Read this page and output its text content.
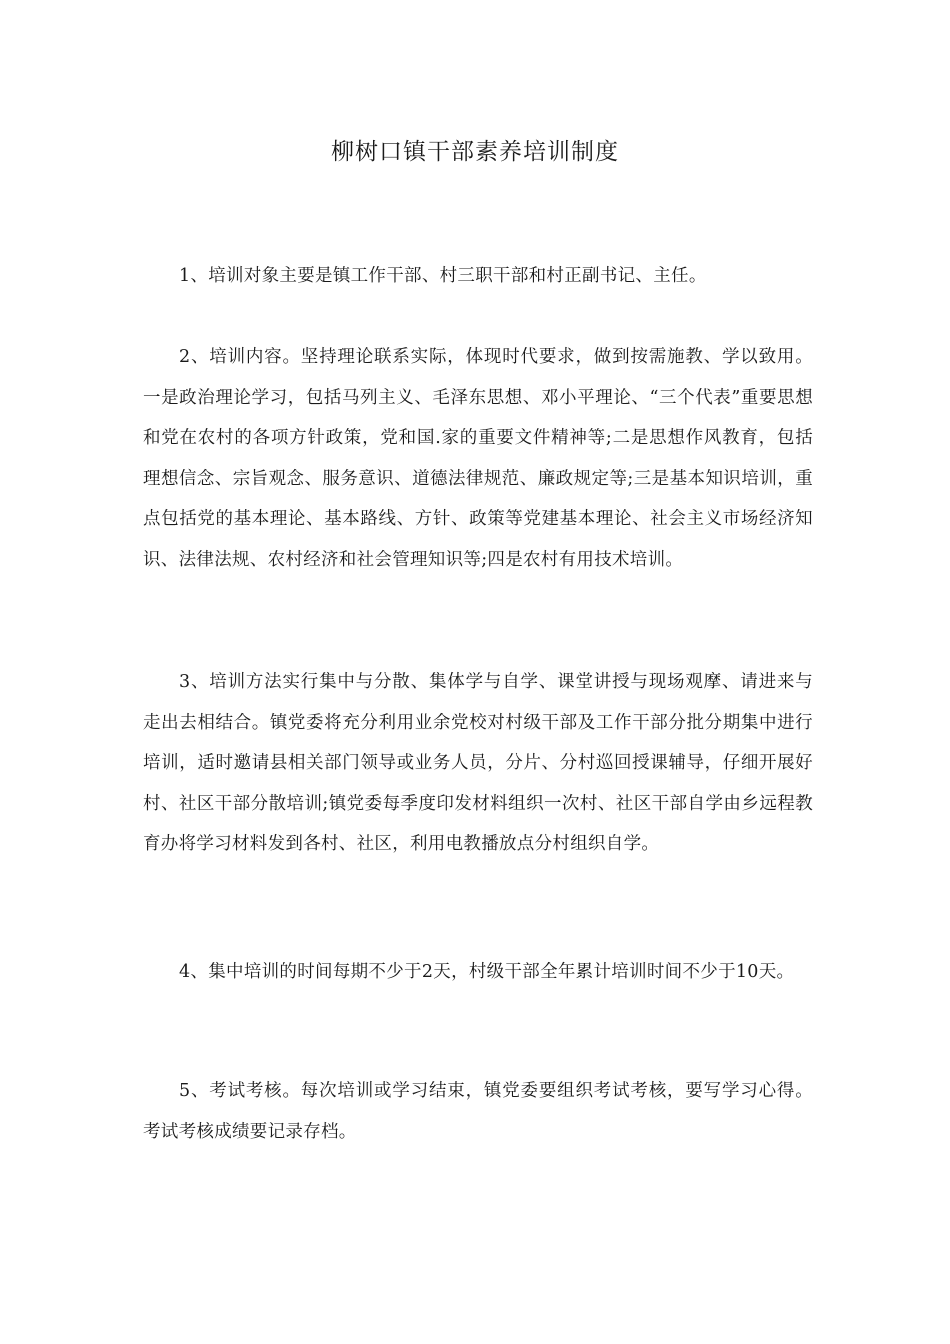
柳树口镇干部素养培训制度

1、培训对象主要是镇工作干部、村三职干部和村正副书记、主任。

2、培训内容。坚持理论联系实际，体现时代要求，做到按需施教、学以致用。一是政治理论学习，包括马列主义、毛泽东思想、邓小平理论、“三个代表”重要思想和党在农村的各项方针政策，党和国.家的重要文件精神等;二是思想作风教育，包括理想信念、宗旨观念、服务意识、道德法律规范、廉政规定等;三是基本知识培训，重点包括党的基本理论、基本路线、方针、政策等党建基本理论、社会主义市场经济知识、法律法规、农村经济和社会管理知识等;四是农村有用技术培训。

3、培训方法实行集中与分散、集体学与自学、课堂讲授与现场观摩、请进来与走出去相结合。镇党委将充分利用业余党校对村级干部及工作干部分批分期集中进行培训，适时邀请县相关部门领导或业务人员，分片、分村巡回授课辅导，仔细开展好村、社区干部分散培训;镇党委每季度印发材料组织一次村、社区干部自学由乡远程教育办将学习材料发到各村、社区，利用电教播放点分村组织自学。

4、集中培训的时间每期不少于2天，村级干部全年累计培训时间不少于10天。

5、考试考核。每次培训或学习结束，镇党委要组织考试考核，要写学习心得。考试考核成绩要记录存档。
